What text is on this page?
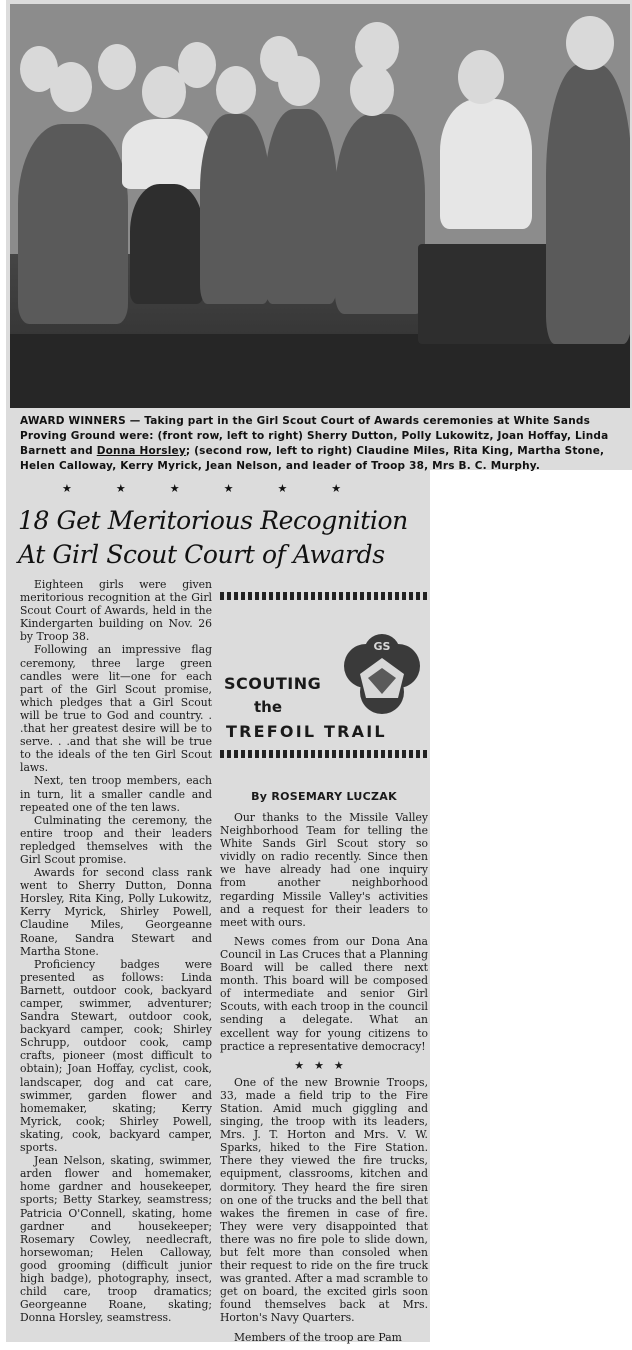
AWARD WINNERS — Taking part in the Girl Scout Court of Awards ceremonies at White Sands Proving Ground were: (front row, left to right) Sherry Dutton, Polly Lukowitz, Joan Hoffay, Linda Barnett and Donna Horsley; (second row, left to right) Claudine Miles, Rita King, Martha Stone, Helen Calloway, Kerry Myrick, Jean Nelson, and leader of Troop 38, Mrs B. C. Murphy.
★★★★★★
18 Get Meritorious Recognition
At Girl Scout Court of Awards

Eighteen girls were given meritorious recognition at the Girl Scout Court of Awards, held in the Kindergarten building on Nov. 26 by Troop 38.

Following an impressive flag ceremony, three large green candles were lit—one for each part of the Girl Scout promise, which pledges that a Girl Scout will be true to God and country. . .that her greatest desire will be to serve. . .and that she will be true to the ideals of the ten Girl Scout laws.

Next, ten troop members, each in turn, lit a smaller candle and repeated one of the ten laws.

Culminating the ceremony, the entire troop and their leaders repledged themselves with the Girl Scout promise.

Awards for second class rank went to Sherry Dutton, Donna Horsley, Rita King, Polly Lukowitz, Kerry Myrick, Shirley Powell, Claudine Miles, Georgeanne Roane, Sandra Stewart and Martha Stone.

Proficiency badges were presented as follows: Linda Barnett, outdoor cook, backyard camper, swimmer, adventurer; Sandra Stewart, outdoor cook, backyard camper, cook; Shirley Schrupp, outdoor cook, camp crafts, pioneer (most difficult to obtain); Joan Hoffay, cyclist, cook, landscaper, dog and cat care, swimmer, garden flower and homemaker, skating; Kerry Myrick, cook; Shirley Powell, skating, cook, backyard camper, sports.

Jean Nelson, skating, swimmer, arden flower and homemaker, home gardner and housekeeper, sports; Betty Starkey, seamstress; Patricia O'Connell, skating, home gardner and housekeeper; Rosemary Cowley, needlecraft, horsewoman; Helen Calloway, good grooming (difficult junior high badge), photography, insect, child care, troop dramatics; Georgeanne Roane, skating; Donna Horsley, seamstress.

GS
SCOUTING
the
TREFOIL TRAIL
By ROSEMARY LUCZAK

Our thanks to the Missile Valley Neighborhood Team for telling the White Sands Girl Scout story so vividly on radio recently. Since then we have already had one inquiry from another neighborhood regarding Missile Valley's activities and a request for their leaders to meet with ours.

News comes from our Dona Ana Council in Las Cruces that a Planning Board will be called there next month. This board will be composed of intermediate and senior Girl Scouts, with each troop in the council sending a delegate. What an excellent way for young citizens to practice a representative democracy!

★★★

One of the new Brownie Troops, 33, made a field trip to the Fire Station. Amid much giggling and singing, the troop with its leaders, Mrs. J. T. Horton and Mrs. V. W. Sparks, hiked to the Fire Station. There they viewed the fire trucks, equipment, classrooms, kitchen and dormitory. They heard the fire siren on one of the trucks and the bell that wakes the firemen in case of fire. They were very disappointed that there was no fire pole to slide down, but felt more than consoled when their request to ride on the fire truck was granted. After a mad scramble to get on board, the excited girls soon found themselves back at Mrs. Horton's Navy Quarters.

Members of the troop are Pam
